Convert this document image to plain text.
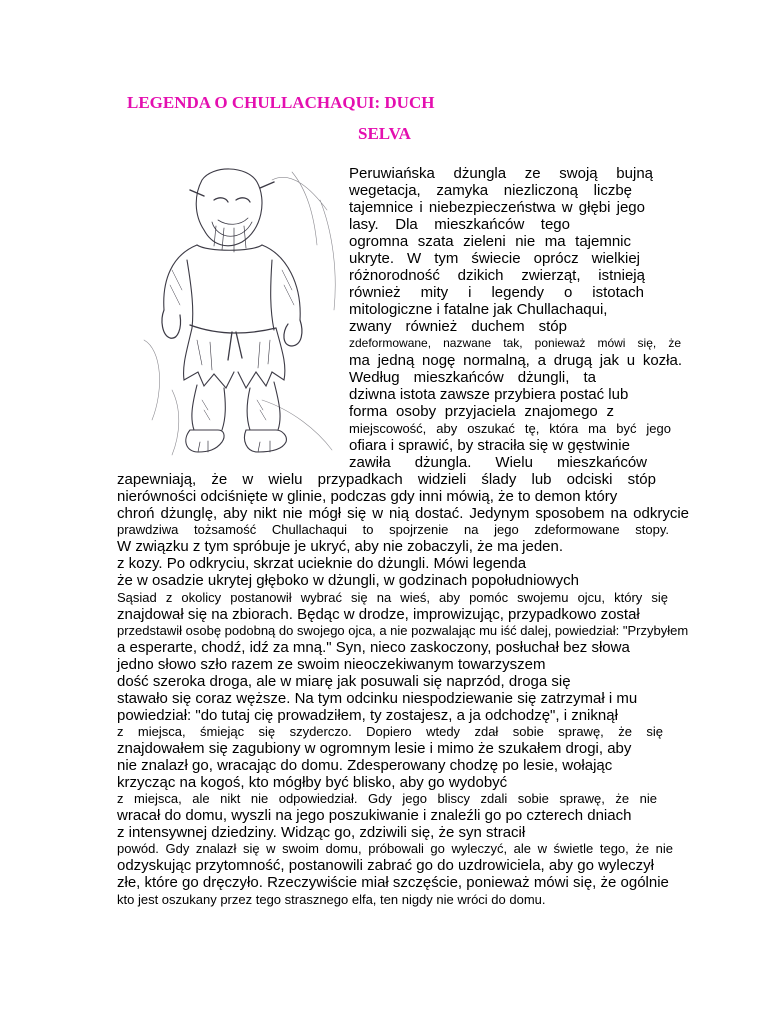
LEGENDA O CHULLACHAQUI: DUCH
SELVA

Peruwiańska dżungla ze swoją bujną

wegetacja, zamyka niezliczoną liczbę

tajemnice i niebezpieczeństwa w głębi jego

lasy. Dla mieszkańców tego

ogromna szata zieleni nie ma tajemnic

ukryte. W tym świecie oprócz wielkiej

różnorodność dzikich zwierząt, istnieją

również mity i legendy o istotach

mitologiczne i fatalne jak Chullachaqui,

zwany również duchem stóp

zdeformowane, nazwane tak, ponieważ mówi się, że

ma jedną nogę normalną, a drugą jak u kozła.

Według mieszkańców dżungli, ta

dziwna istota zawsze przybiera postać lub

forma osoby przyjaciela znajomego z

miejscowość, aby oszukać tę, która ma być jego

ofiara i sprawić, by straciła się w gęstwinie

zawiła dżungla. Wielu mieszkańców

zapewniają, że w wielu przypadkach widzieli ślady lub odciski stóp

nierówności odciśnięte w glinie, podczas gdy inni mówią, że to demon który

chroń dżunglę, aby nikt nie mógł się w nią dostać. Jedynym sposobem na odkrycie

prawdziwa tożsamość Chullachaqui to spojrzenie na jego zdeformowane stopy.

W związku z tym spróbuje je ukryć, aby nie zobaczyli, że ma jeden.

z kozy. Po odkryciu, skrzat ucieknie do dżungli. Mówi legenda

że w osadzie ukrytej głęboko w dżungli, w godzinach popołudniowych

Sąsiad z okolicy postanowił wybrać się na wieś, aby pomóc swojemu ojcu, który się

znajdował się na zbiorach. Będąc w drodze, improwizując, przypadkowo został

przedstawił osobę podobną do swojego ojca, a nie pozwalając mu iść dalej, powiedział: "Przybyłem

a esperarte, chodź, idź za mną." Syn, nieco zaskoczony, posłuchał bez słowa

jedno słowo szło razem ze swoim nieoczekiwanym towarzyszem

dość szeroka droga, ale w miarę jak posuwali się naprzód, droga się

stawało się coraz węższe. Na tym odcinku niespodziewanie się zatrzymał i mu

powiedział: "do tutaj cię prowadziłem, ty zostajesz, a ja odchodzę", i zniknął

z miejsca, śmiejąc się szyderczo. Dopiero wtedy zdał sobie sprawę, że się

znajdowałem się zagubiony w ogromnym lesie i mimo że szukałem drogi, aby

nie znalazł go, wracając do domu. Zdesperowany chodzę po lesie, wołając

krzycząc na kogoś, kto mógłby być blisko, aby go wydobyć

z miejsca, ale nikt nie odpowiedział. Gdy jego bliscy zdali sobie sprawę, że nie

wracał do domu, wyszli na jego poszukiwanie i znaleźli go po czterech dniach

z intensywnej dziedziny. Widząc go, zdziwili się, że syn stracił

powód. Gdy znalazł się w swoim domu, próbowali go wyleczyć, ale w świetle tego, że nie

odzyskując przytomność, postanowili zabrać go do uzdrowiciela, aby go wyleczył

złe, które go dręczyło. Rzeczywiście miał szczęście, ponieważ mówi się, że ogólnie

kto jest oszukany przez tego strasznego elfa, ten nigdy nie wróci do domu.
